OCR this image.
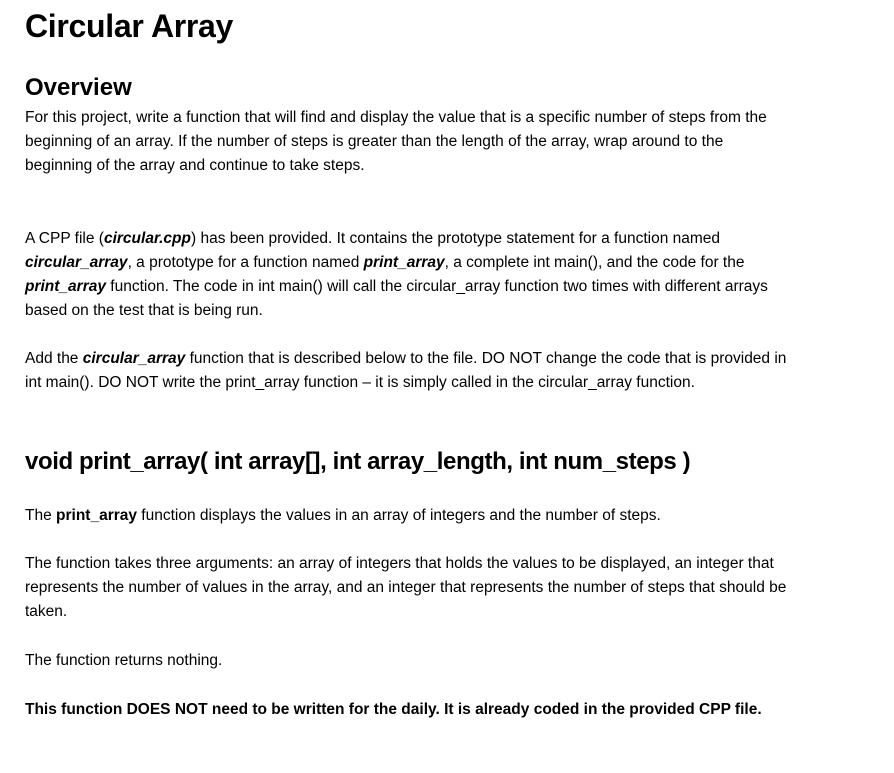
Circular Array
Overview

For this project, write a function that will find and display the value that is a specific number of steps from the
beginning of an array. If the number of steps is greater than the length of the array, wrap around to the
beginning of the array and continue to take steps.

A CPP file (circular.cpp) has been provided. It contains the prototype statement for a function named
circular_array, a prototype for a function named print_array, a complete int main(), and the code for the
print_array function. The code in int main() will call the circular_array function two times with different arrays
based on the test that is being run.

Add the circular_array function that is described below to the file. DO NOT change the code that is provided in
int main(). DO NOT write the print_array function – it is simply called in the circular_array function.

void print_array( int array[], int array_length, int num_steps )

The print_array function displays the values in an array of integers and the number of steps.

The function takes three arguments: an array of integers that holds the values to be displayed, an integer that
represents the number of values in the array, and an integer that represents the number of steps that should be
taken.

The function returns nothing.

This function DOES NOT need to be written for the daily. It is already coded in the provided CPP file.
